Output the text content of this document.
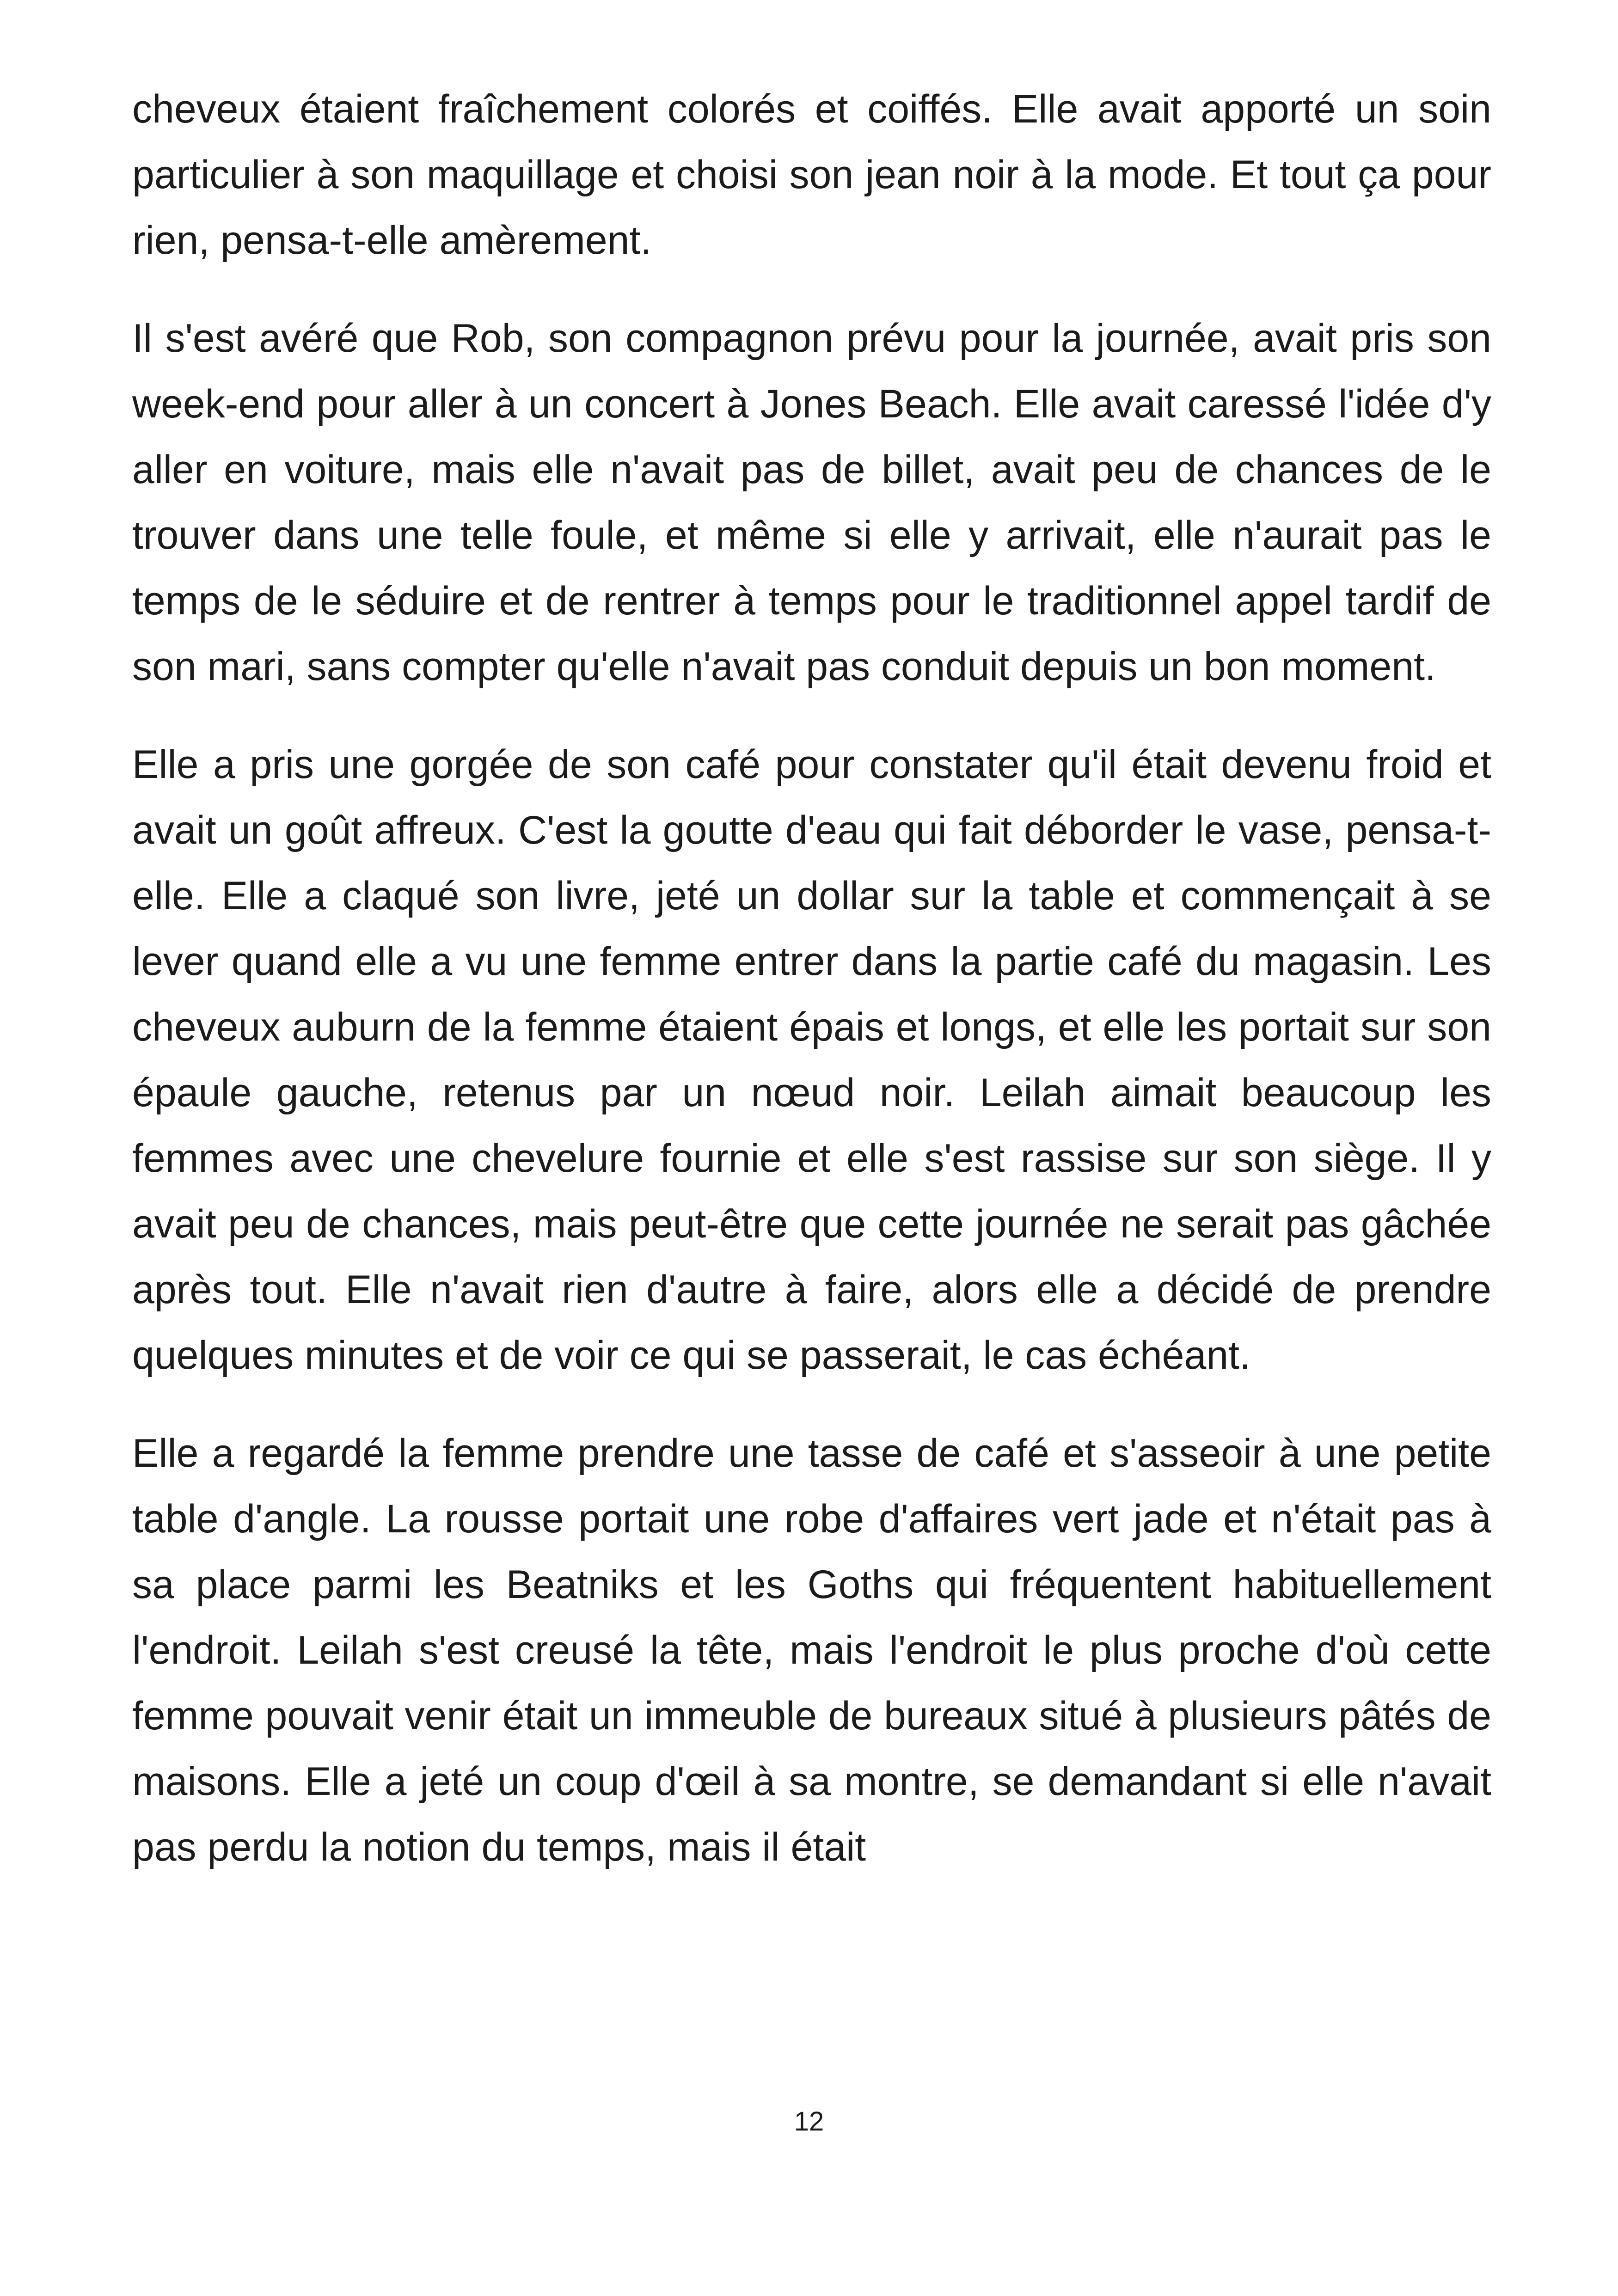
cheveux étaient fraîchement colorés et coiffés. Elle avait apporté un soin particulier à son maquillage et choisi son jean noir à la mode. Et tout ça pour rien, pensa-t-elle amèrement.

Il s'est avéré que Rob, son compagnon prévu pour la journée, avait pris son week-end pour aller à un concert à Jones Beach. Elle avait caressé l'idée d'y aller en voiture, mais elle n'avait pas de billet, avait peu de chances de le trouver dans une telle foule, et même si elle y arrivait, elle n'aurait pas le temps de le séduire et de rentrer à temps pour le traditionnel appel tardif de son mari, sans compter qu'elle n'avait pas conduit depuis un bon moment.

Elle a pris une gorgée de son café pour constater qu'il était devenu froid et avait un goût affreux. C'est la goutte d'eau qui fait déborder le vase, pensa-t-elle. Elle a claqué son livre, jeté un dollar sur la table et commençait à se lever quand elle a vu une femme entrer dans la partie café du magasin. Les cheveux auburn de la femme étaient épais et longs, et elle les portait sur son épaule gauche, retenus par un nœud noir. Leilah aimait beaucoup les femmes avec une chevelure fournie et elle s'est rassise sur son siège. Il y avait peu de chances, mais peut-être que cette journée ne serait pas gâchée après tout. Elle n'avait rien d'autre à faire, alors elle a décidé de prendre quelques minutes et de voir ce qui se passerait, le cas échéant.

Elle a regardé la femme prendre une tasse de café et s'asseoir à une petite table d'angle. La rousse portait une robe d'affaires vert jade et n'était pas à sa place parmi les Beatniks et les Goths qui fréquentent habituellement l'endroit. Leilah s'est creusé la tête, mais l'endroit le plus proche d'où cette femme pouvait venir était un immeuble de bureaux situé à plusieurs pâtés de maisons. Elle a jeté un coup d'œil à sa montre, se demandant si elle n'avait pas perdu la notion du temps, mais il était

12
